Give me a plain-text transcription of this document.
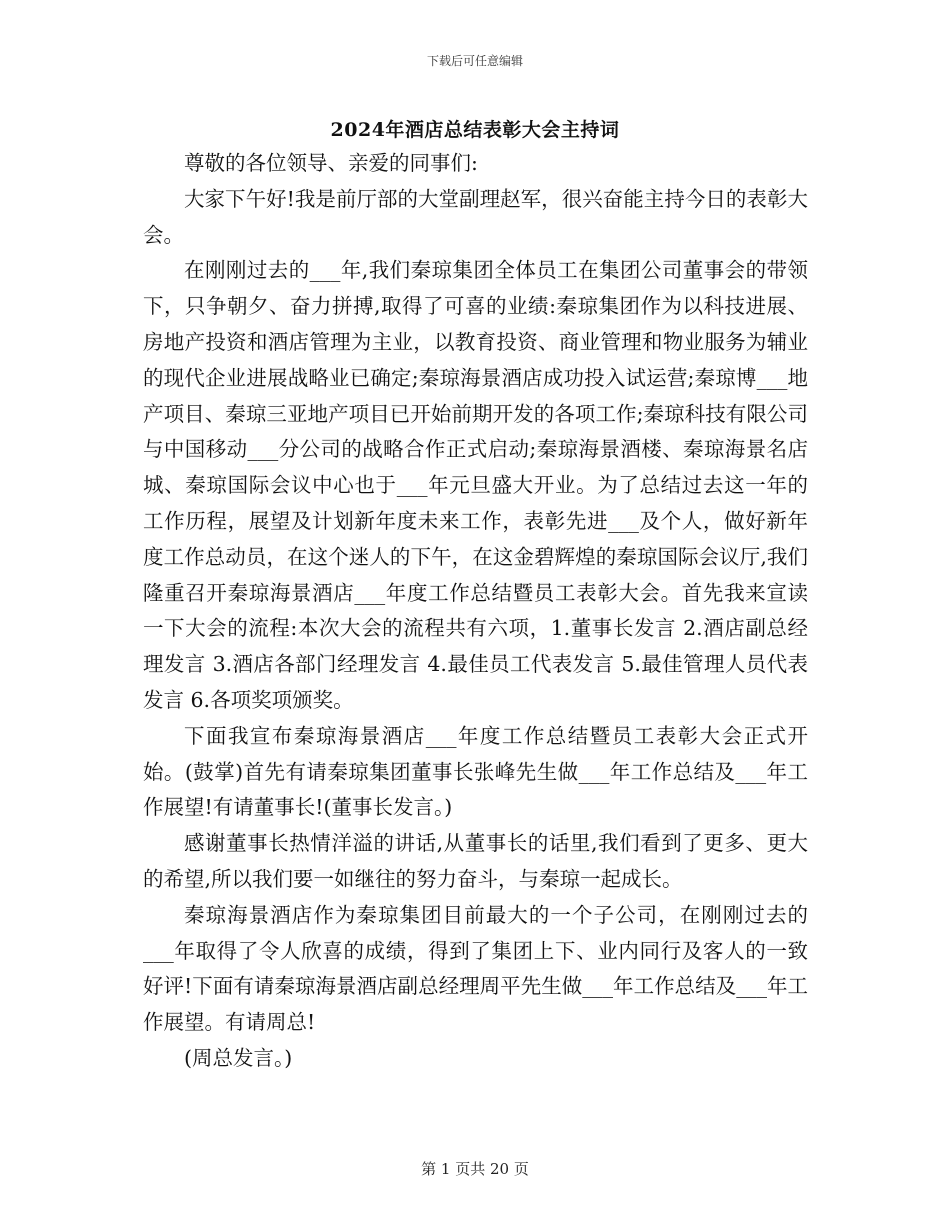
下载后可任意编辑
2024年酒店总结表彰大会主持词

尊敬的各位领导、亲爱的同事们:

大家下午好!我是前厅部的大堂副理赵军，很兴奋能主持今日的表彰大会。

在刚刚过去的___年,我们秦琼集团全体员工在集团公司董事会的带领下，只争朝夕、奋力拼搏,取得了可喜的业绩:秦琼集团作为以科技进展、房地产投资和酒店管理为主业，以教育投资、商业管理和物业服务为辅业的现代企业进展战略业已确定;秦琼海景酒店成功投入试运营;秦琼博___地产项目、秦琼三亚地产项目已开始前期开发的各项工作;秦琼科技有限公司与中国移动___分公司的战略合作正式启动;秦琼海景酒楼、秦琼海景名店城、秦琼国际会议中心也于___年元旦盛大开业。为了总结过去这一年的工作历程，展望及计划新年度未来工作，表彰先进___及个人，做好新年度工作总动员，在这个迷人的下午，在这金碧辉煌的秦琼国际会议厅,我们隆重召开秦琼海景酒店___年度工作总结暨员工表彰大会。首先我来宣读一下大会的流程:本次大会的流程共有六项，1.董事长发言 2.酒店副总经理发言 3.酒店各部门经理发言 4.最佳员工代表发言 5.最佳管理人员代表发言 6.各项奖项颁奖。

下面我宣布秦琼海景酒店___年度工作总结暨员工表彰大会正式开始。(鼓掌)首先有请秦琼集团董事长张峰先生做___年工作总结及___年工作展望!有请董事长!(董事长发言。)

感谢董事长热情洋溢的讲话,从董事长的话里,我们看到了更多、更大的希望,所以我们要一如继往的努力奋斗，与秦琼一起成长。

秦琼海景酒店作为秦琼集团目前最大的一个子公司，在刚刚过去的___年取得了令人欣喜的成绩，得到了集团上下、业内同行及客人的一致好评!下面有请秦琼海景酒店副总经理周平先生做___年工作总结及___年工作展望。有请周总!

(周总发言。)

第 1 页共 20 页
